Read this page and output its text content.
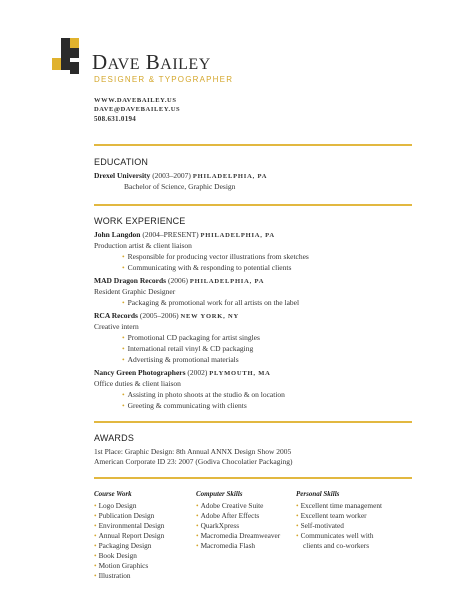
DAVE BAILEY
DESIGNER & TYPOGRAPHER
WWW.DAVEBAILEY.US
DAVE@DAVEBAILEY.US
508.631.0194
EDUCATION
Drexel University (2003–2007) PHILADELPHIA, PA
Bachelor of Science, Graphic Design
WORK EXPERIENCE
John Langdon (2004–PRESENT) PHILADELPHIA, PA
Production artist & client liaison
• Responsible for producing vector illustrations from sketches
• Communicating with & responding to potential clients
MAD Dragon Records (2006) PHILADELPHIA, PA
Resident Graphic Designer
• Packaging & promotional work for all artists on the label
RCA Records (2005–2006) NEW YORK, NY
Creative intern
• Promotional CD packaging for artist singles
• International retail vinyl & CD packaging
• Advertising & promotional materials
Nancy Green Photographers (2002) PLYMOUTH, MA
Office duties & client liaison
• Assisting in photo shoots at the studio & on location
• Greeting & communicating with clients
AWARDS
1st Place: Graphic Design: 8th Annual ANNX Design Show 2005
American Corporate ID 23: 2007 (Godiva Chocolatier Packaging)
Course Work
• Logo Design
• Publication Design
• Environmental Design
• Annual Report Design
• Packaging Design
• Book Design
• Motion Graphics
• Illustration
Computer Skills
• Adobe Creative Suite
• Adobe After Effects
• QuarkXpress
• Macromedia Dreamweaver
• Macromedia Flash
Personal Skills
• Excellent time management
• Excellent team worker
• Self-motivated
• Communicates well with
clients and co-workers
